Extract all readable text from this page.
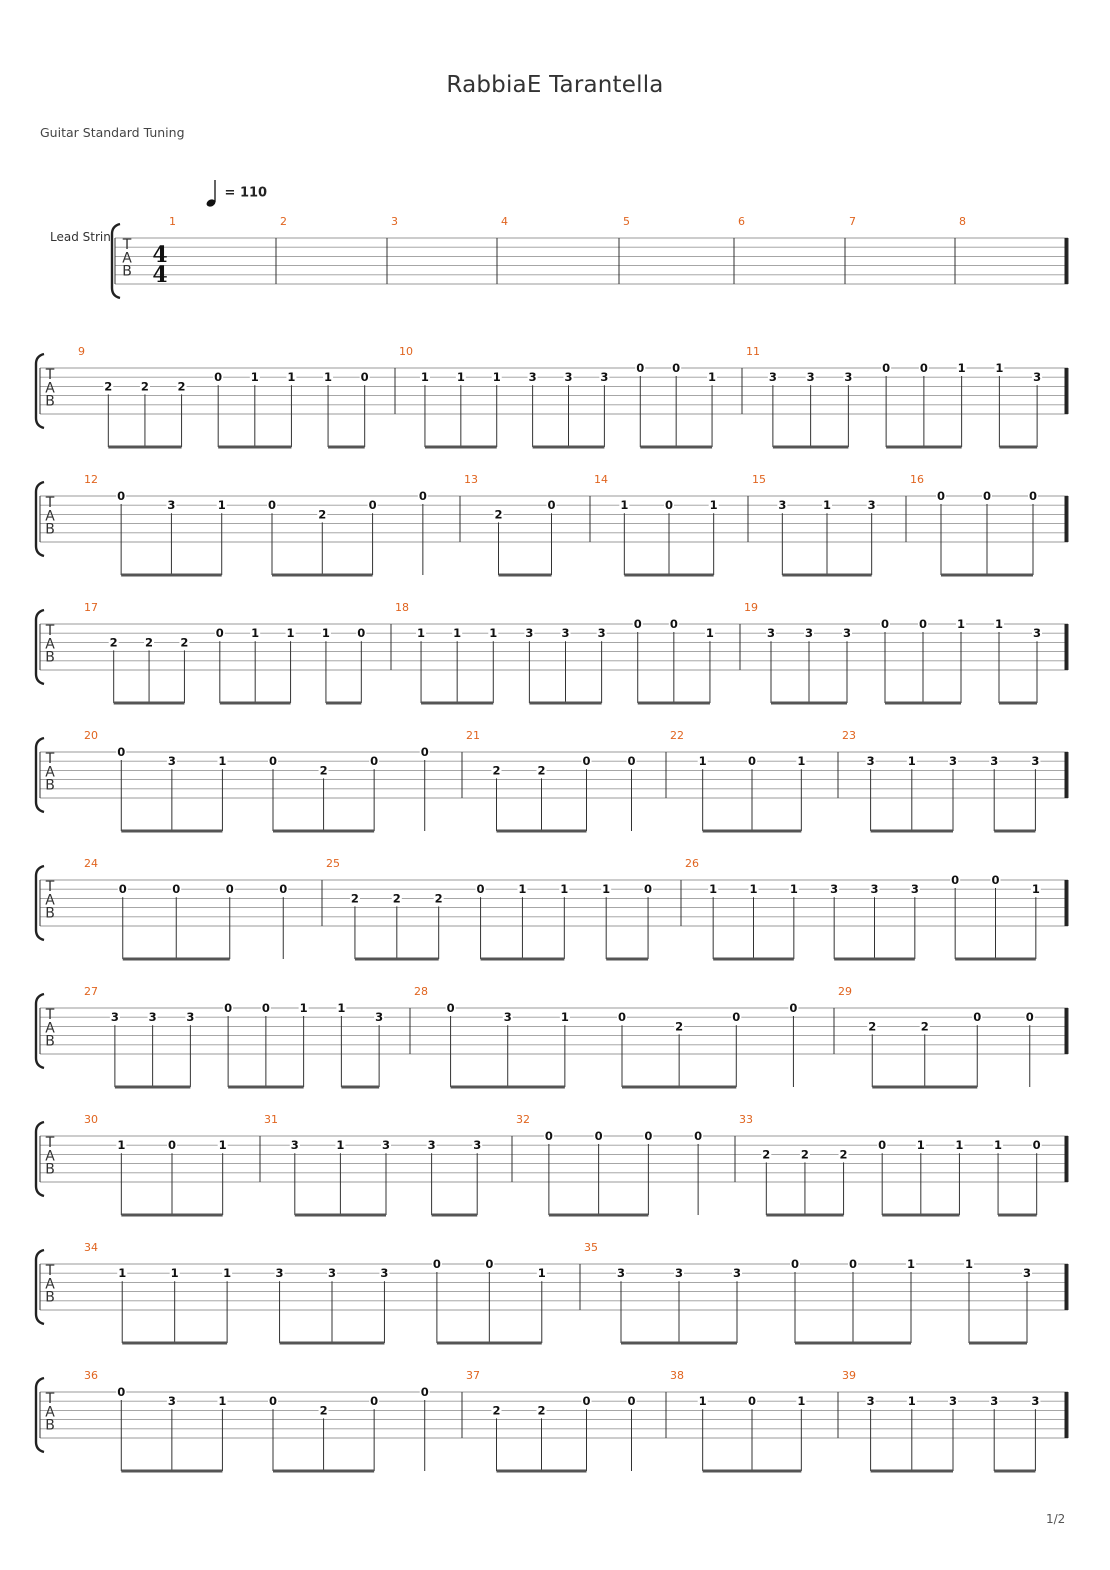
RabbiaE Tarantella
Guitar Standard Tuning
= 110
Lead Strin
1/2
T
A
B
4
4
1	2	3	4	5	6	7	8
T
A
B
9
2 2 2
0 1 1 1 0
10
1 1 1 3 3 3
0 0
1
11
3	3	3
0	0	1	1
3
T
A
B
12
0
3	1	0
2
0
0
13
2
0
14
1	0	1
15
3	1	3
16
0	0	0
T
A
B
17
2 2 2
0 1 1 1 0
18
1 1 1 3 3 3
0 0
1
19
3	3	3
0	0	1	1
3
T
A
B
20
0
3	1	0
2
0
0
21
2	2
0	0
22
1	0	1
23
3	1	3	3	3
T
A
B
24
0	0	0	0
25
2	2	2
0	1	1	1	0
26
1	1	1	3	3	3
0	0
1
T
A
B
27
3	3	3
0	0	1	1
3
28
0
3	1	0
2
0
0
29
2	2
0	0
T
A
B
30
1	0	1
31
3	1	3	3	3
32
0	0	0	0
33
2	2	2
0	1	1	1	0
T
A
B
34
1	1	1	3	3	3
0	0
1
35
3	3	3
0	0	1	1
3
T
A
B
36
0
3	1	0
2
0
0
37
2	2
0	0
38
1	0	1
39
3	1	3	3	3
